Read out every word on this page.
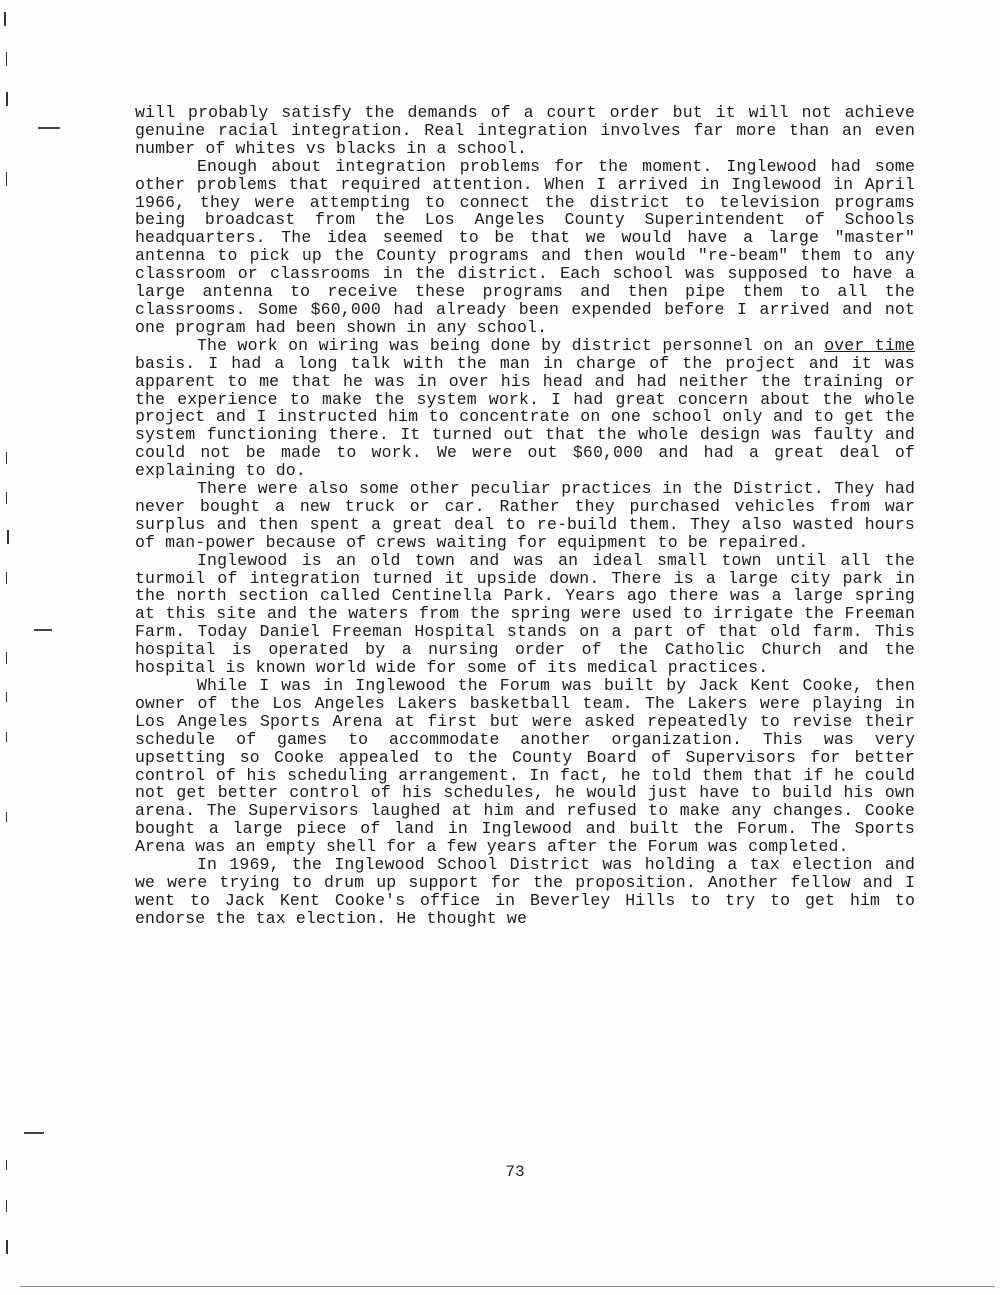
will probably satisfy the demands of a court order but it will not achieve genuine racial integration. Real integration involves far more than an even number of whites vs blacks in a school.

Enough about integration problems for the moment. Inglewood had some other problems that required attention. When I arrived in Inglewood in April 1966, they were attempting to connect the district to television programs being broadcast from the Los Angeles County Superintendent of Schools headquarters. The idea seemed to be that we would have a large "master" antenna to pick up the County programs and then would "re-beam" them to any classroom or classrooms in the district. Each school was supposed to have a large antenna to receive these programs and then pipe them to all the classrooms. Some $60,000 had already been expended before I arrived and not one program had been shown in any school.

The work on wiring was being done by district personnel on an over time basis. I had a long talk with the man in charge of the project and it was apparent to me that he was in over his head and had neither the training or the experience to make the system work. I had great concern about the whole project and I instructed him to concentrate on one school only and to get the system functioning there. It turned out that the whole design was faulty and could not be made to work. We were out $60,000 and had a great deal of explaining to do.

There were also some other peculiar practices in the District. They had never bought a new truck or car. Rather they purchased vehicles from war surplus and then spent a great deal to re-build them. They also wasted hours of man-power because of crews waiting for equipment to be repaired.

Inglewood is an old town and was an ideal small town until all the turmoil of integration turned it upside down. There is a large city park in the north section called Centinella Park. Years ago there was a large spring at this site and the waters from the spring were used to irrigate the Freeman Farm. Today Daniel Freeman Hospital stands on a part of that old farm. This hospital is operated by a nursing order of the Catholic Church and the hospital is known world wide for some of its medical practices.

While I was in Inglewood the Forum was built by Jack Kent Cooke, then owner of the Los Angeles Lakers basketball team. The Lakers were playing in Los Angeles Sports Arena at first but were asked repeatedly to revise their schedule of games to accommodate another organization. This was very upsetting so Cooke appealed to the County Board of Supervisors for better control of his scheduling arrangement. In fact, he told them that if he could not get better control of his schedules, he would just have to build his own arena. The Supervisors laughed at him and refused to make any changes. Cooke bought a large piece of land in Inglewood and built the Forum. The Sports Arena was an empty shell for a few years after the Forum was completed.

In 1969, the Inglewood School District was holding a tax election and we were trying to drum up support for the proposition. Another fellow and I went to Jack Kent Cooke's office in Beverley Hills to try to get him to endorse the tax election. He thought we

73
